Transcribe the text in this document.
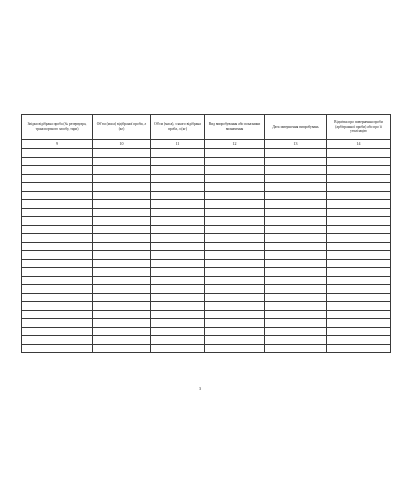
Звідки відібрана проба (№ резервуара, транспортного засобу, тари)	Об'єм (маса) відібраної проби, л (кг)	Об'єм (маса), з якого відібрана проба, л (кг)	Вид випробування або показники визначення	Дата завершення випробувань	Відмітка про повернення проби (арбітражної проби) або про її утилізацію
9	10	11	12	13	14

3
